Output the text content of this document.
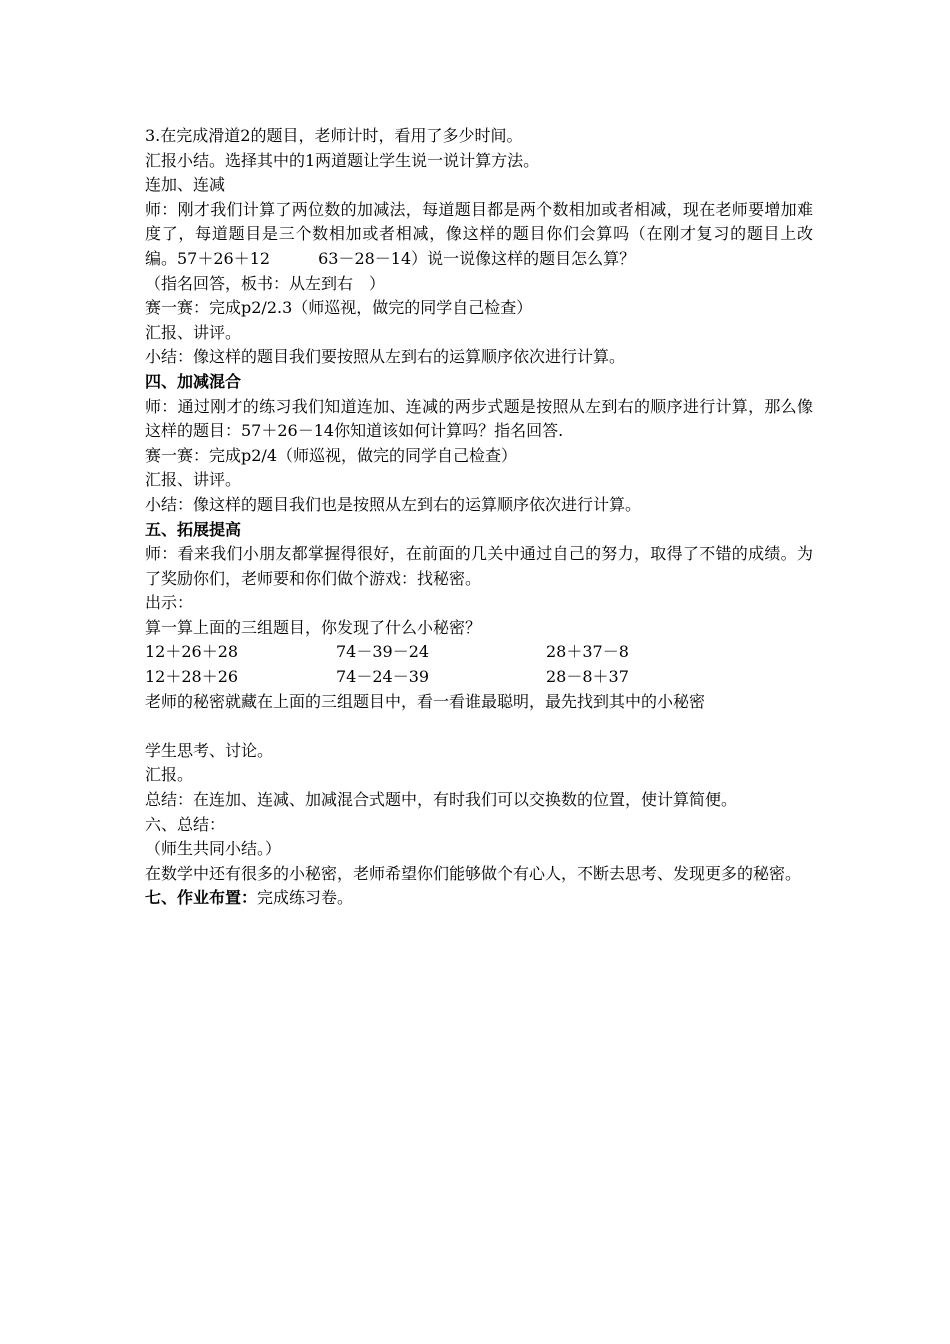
3.在完成滑道2的题目，老师计时，看用了多少时间。
汇报小结。选择其中的1两道题让学生说一说计算方法。
连加、连减
师：刚才我们计算了两位数的加减法，每道题目都是两个数相加或者相减，现在老师要增加难度了，每道题目是三个数相加或者相减，像这样的题目你们会算吗（在刚才复习的题目上改编。57＋26＋12　　　63－28－14）说一说像这样的题目怎么算？
（指名回答，板书：从左到右　）
赛一赛：完成p2/2.3（师巡视，做完的同学自己检查）
汇报、讲评。
小结：像这样的题目我们要按照从左到右的运算顺序依次进行计算。
四、加减混合
师：通过刚才的练习我们知道连加、连减的两步式题是按照从左到右的顺序进行计算，那么像这样的题目：57＋26－14你知道该如何计算吗？指名回答.
赛一赛：完成p2/4（师巡视，做完的同学自己检查）
汇报、讲评。
小结：像这样的题目我们也是按照从左到右的运算顺序依次进行计算。
五、拓展提高
师：看来我们小朋友都掌握得很好，在前面的几关中通过自己的努力，取得了不错的成绩。为了奖励你们，老师要和你们做个游戏：找秘密。
出示：
算一算上面的三组题目，你发现了什么小秘密？
12＋26＋28	74－39－24	28＋37－8
12＋28＋26	74－24－39	28－8＋37
老师的秘密就藏在上面的三组题目中，看一看谁最聪明，最先找到其中的小秘密
学生思考、讨论。
汇报。
总结：在连加、连减、加减混合式题中，有时我们可以交换数的位置，使计算简便。
六、总结：
（师生共同小结。）
在数学中还有很多的小秘密，老师希望你们能够做个有心人，不断去思考、发现更多的秘密。
七、作业布置：完成练习卷。
